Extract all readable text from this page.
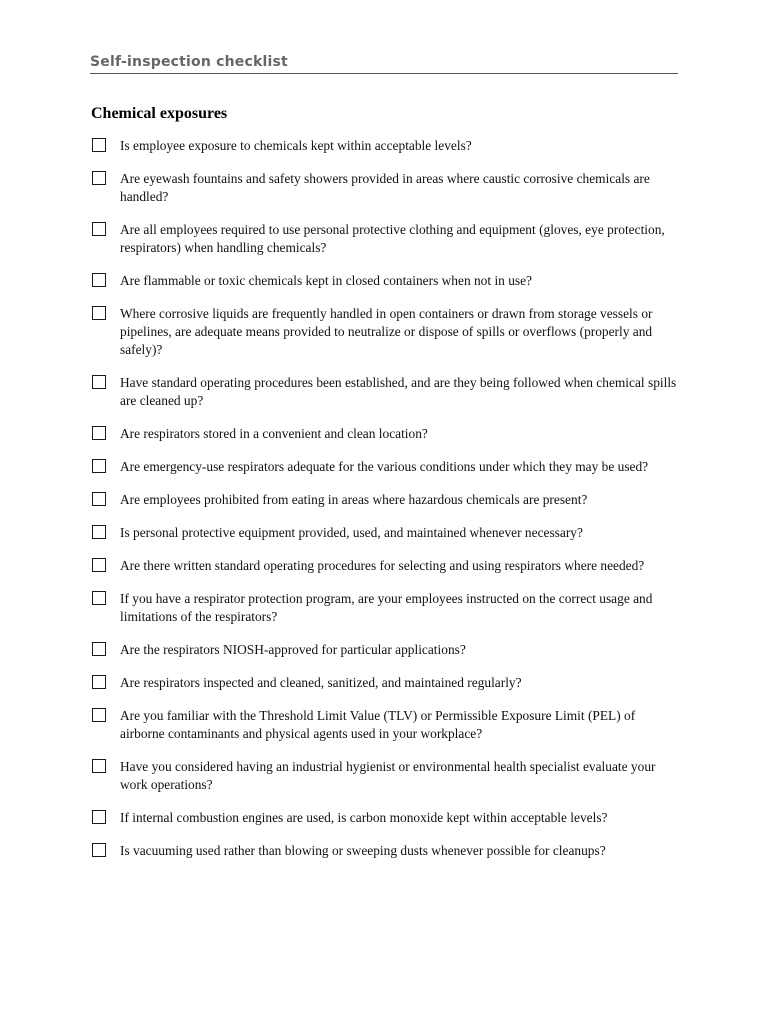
Self-inspection checklist
Chemical exposures
Is employee exposure to chemicals kept within acceptable levels?
Are eyewash fountains and safety showers provided in areas where caustic corrosive chemicals are handled?
Are all employees required to use personal protective clothing and equipment (gloves, eye protection, respirators) when handling chemicals?
Are flammable or toxic chemicals kept in closed containers when not in use?
Where corrosive liquids are frequently handled in open containers or drawn from storage vessels or pipelines, are adequate means provided to neutralize or dispose of spills or overflows (properly and safely)?
Have standard operating procedures been established, and are they being followed when chemical spills are cleaned up?
Are respirators stored in a convenient and clean location?
Are emergency-use respirators adequate for the various conditions under which they may be used?
Are employees prohibited from eating in areas where hazardous chemicals are present?
Is personal protective equipment provided, used, and maintained whenever necessary?
Are there written standard operating procedures for selecting and using respirators where needed?
If you have a respirator protection program, are your employees instructed on the correct usage and limitations of the respirators?
Are the respirators NIOSH-approved for particular applications?
Are respirators inspected and cleaned, sanitized, and maintained regularly?
Are you familiar with the Threshold Limit Value (TLV) or Permissible Exposure Limit (PEL) of airborne contaminants and physical agents used in your workplace?
Have you considered having an industrial hygienist or environmental health specialist evaluate your work operations?
If internal combustion engines are used, is carbon monoxide kept within acceptable levels?
Is vacuuming used rather than blowing or sweeping dusts whenever possible for cleanups?
